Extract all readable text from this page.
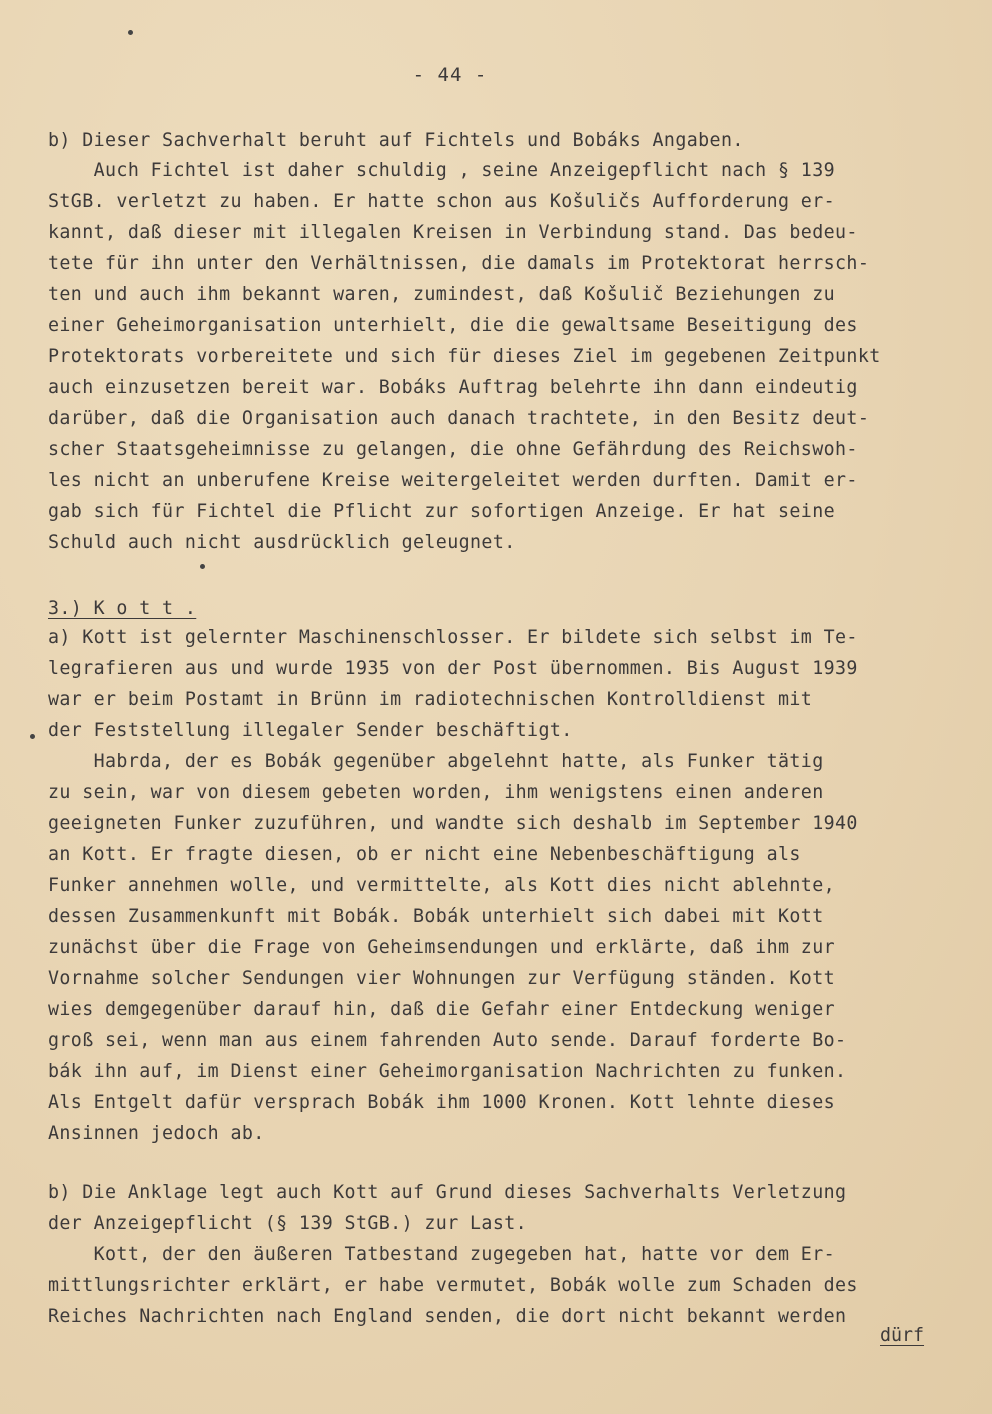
- 44 -
b) Dieser Sachverhalt beruht auf Fichtels und Bobáks Angaben.
Auch Fichtel ist daher schuldig , seine Anzeigepflicht nach § 139
StGB. verletzt zu haben. Er hatte schon aus Košuličs Aufforderung er-
kannt, daß dieser mit illegalen Kreisen in Verbindung stand. Das bedeu-
tete für ihn unter den Verhältnissen, die damals im Protektorat herrsch-
ten und auch ihm bekannt waren, zumindest, daß Košulič Beziehungen zu
einer Geheimorganisation unterhielt, die die gewaltsame Beseitigung des
Protektorats vorbereitete und sich für dieses Ziel im gegebenen Zeitpunkt
auch einzusetzen bereit war. Bobáks Auftrag belehrte ihn dann eindeutig
darüber, daß die Organisation auch danach trachtete, in den Besitz deut-
scher Staatsgeheimnisse zu gelangen, die ohne Gefährdung des Reichswoh-
les nicht an unberufene Kreise weitergeleitet werden durften. Damit er-
gab sich für Fichtel die Pflicht zur sofortigen Anzeige. Er hat seine
Schuld auch nicht ausdrücklich geleugnet.
3.) K o t t .
a) Kott ist gelernter Maschinenschlosser. Er bildete sich selbst im Te-
legrafieren aus und wurde 1935 von der Post übernommen. Bis August 1939
war er beim Postamt in Brünn im radiotechnischen Kontrolldienst mit
der Feststellung illegaler Sender beschäftigt.
Habrda, der es Bobák gegenüber abgelehnt hatte, als Funker tätig
zu sein, war von diesem gebeten worden, ihm wenigstens einen anderen
geeigneten Funker zuzuführen, und wandte sich deshalb im September 1940
an Kott. Er fragte diesen, ob er nicht eine Nebenbeschäftigung als
Funker annehmen wolle, und vermittelte, als Kott dies nicht ablehnte,
dessen Zusammenkunft mit Bobák. Bobák unterhielt sich dabei mit Kott
zunächst über die Frage von Geheimsendungen und erklärte, daß ihm zur
Vornahme solcher Sendungen vier Wohnungen zur Verfügung ständen. Kott
wies demgegenüber darauf hin, daß die Gefahr einer Entdeckung weniger
groß sei, wenn man aus einem fahrenden Auto sende. Darauf forderte Bo-
bák ihn auf, im Dienst einer Geheimorganisation Nachrichten zu funken.
Als Entgelt dafür versprach Bobák ihm 1000 Kronen. Kott lehnte dieses
Ansinnen jedoch ab.
b) Die Anklage legt auch Kott auf Grund dieses Sachverhalts Verletzung
der Anzeigepflicht (§ 139 StGB.) zur Last.
Kott, der den äußeren Tatbestand zugegeben hat, hatte vor dem Er-
mittlungsrichter erklärt, er habe vermutet, Bobák wolle zum Schaden des
Reiches Nachrichten nach England senden, die dort nicht bekannt werden
dürf
